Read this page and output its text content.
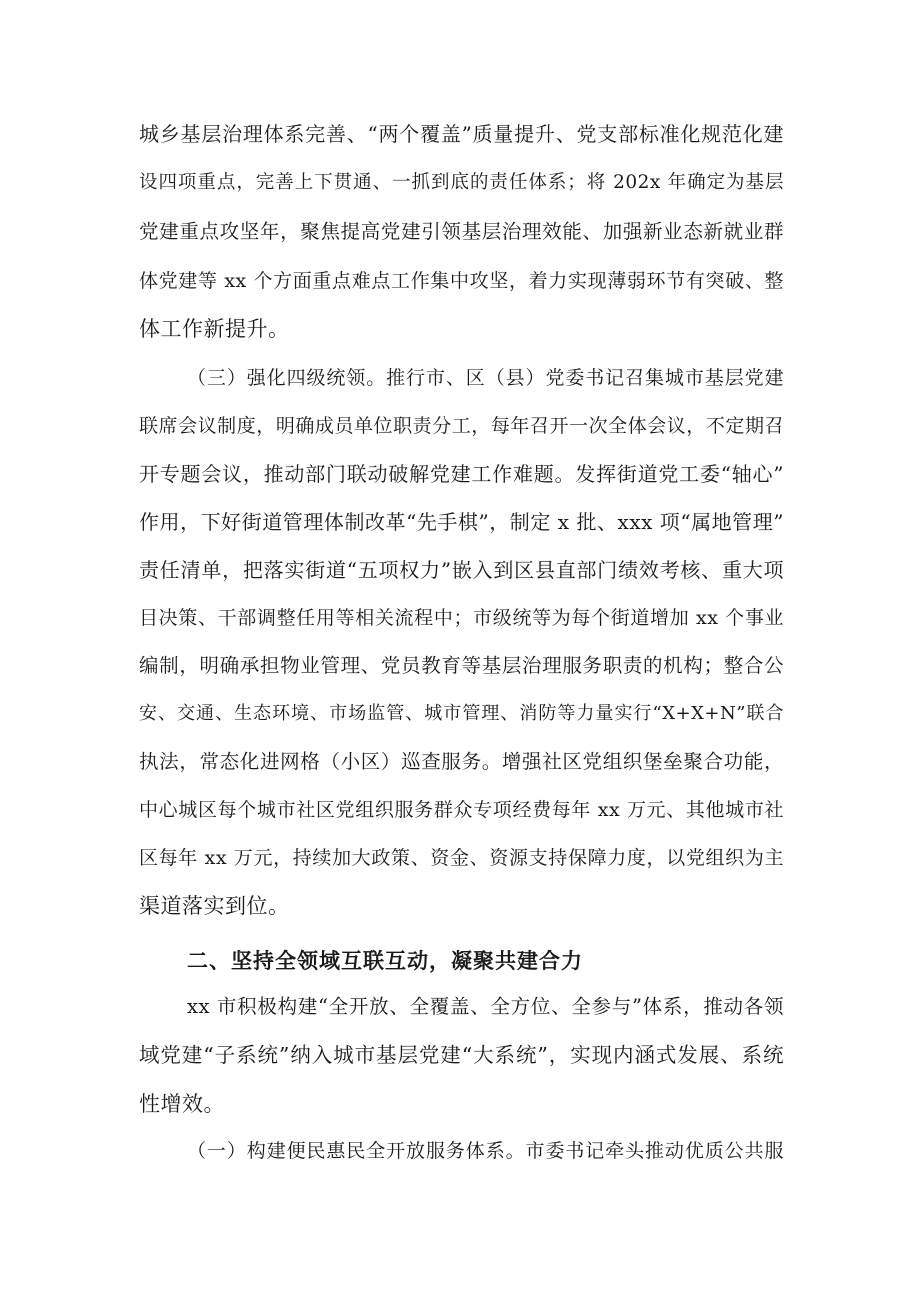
城乡基层治理体系完善、“两个覆盖”质量提升、党支部标准化规范化建
设四项重点，完善上下贯通、一抓到底的责任体系；将 202x 年确定为基层
党建重点攻坚年，聚焦提高党建引领基层治理效能、加强新业态新就业群
体党建等 xx 个方面重点难点工作集中攻坚，着力实现薄弱环节有突破、整
体工作新提升。
（三）强化四级统领。推行市、区（县）党委书记召集城市基层党建
联席会议制度，明确成员单位职责分工，每年召开一次全体会议，不定期召
开专题会议，推动部门联动破解党建工作难题。发挥街道党工委“轴心”
作用，下好街道管理体制改革“先手棋”，制定 x 批、xxx 项“属地管理”
责任清单，把落实街道“五项权力”嵌入到区县直部门绩效考核、重大项
目决策、干部调整任用等相关流程中；市级统等为每个街道增加 xx 个事业
编制，明确承担物业管理、党员教育等基层治理服务职责的机构；整合公
安、交通、生态环境、市场监管、城市管理、消防等力量实行“X+X+N”联合
执法，常态化进网格（小区）巡查服务。增强社区党组织堡垒聚合功能，
中心城区每个城市社区党组织服务群众专项经费每年 xx 万元、其他城市社
区每年 xx 万元，持续加大政策、资金、资源支持保障力度，以党组织为主
渠道落实到位。
二、坚持全领域互联互动，凝聚共建合力
xx 市积极构建“全开放、全覆盖、全方位、全参与”体系，推动各领
域党建“子系统”纳入城市基层党建“大系统”，实现内涵式发展、系统
性增效。
（一）构建便民惠民全开放服务体系。市委书记牵头推动优质公共服
